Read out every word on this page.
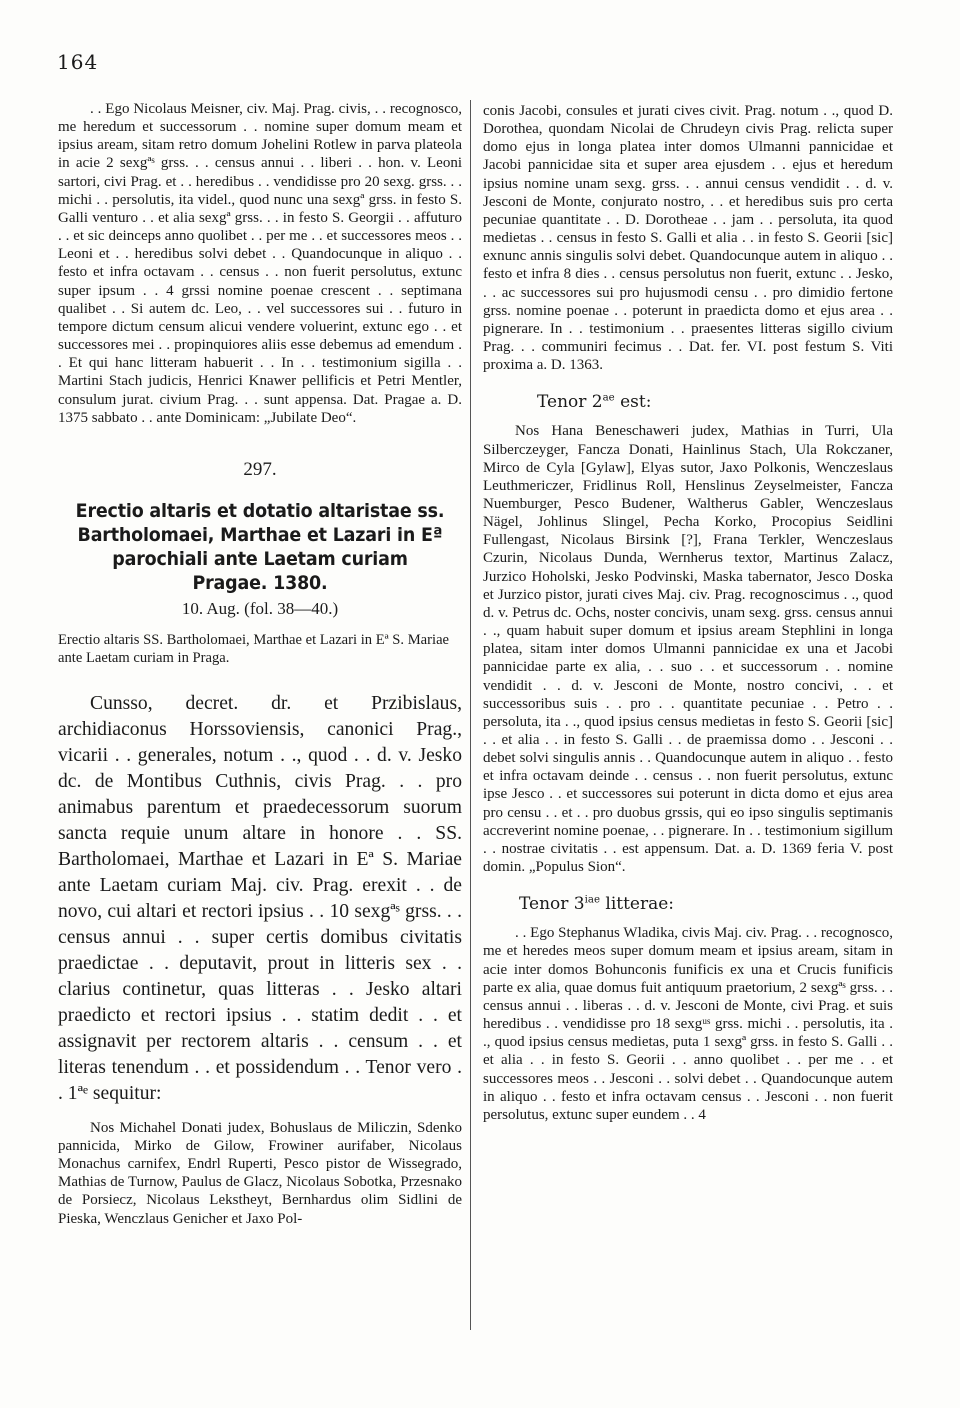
164

. . Ego Nicolaus Meisner, civ. Maj. Prag. civis, . . recognosco, me heredum et successorum . . nomine super domum meam et ipsius aream, sitam retro domum Johelini Rotlew in parva plateola in acie 2 sexgªˢ grss. . . census annui . . liberi . . hon. v. Leoni sartori, civi Prag. et . . heredibus . . vendidisse pro 20 sexg. grss. . . michi . . persolutis, ita videl., quod nunc una sexgª grss. in festo S. Galli venturo . . et alia sexgª grss. . . in festo S. Georgii . . affuturo . . et sic deinceps anno quolibet . . per me . . et successores meos . . Leoni et . . heredibus solvi debet . . Quandocunque in aliquo . . festo et infra octavam . . census . . non fuerit persolutus, extunc super ipsum . . 4 grssi nomine poenae crescent . . septimana qualibet . . Si autem dc. Leo, . . vel successores sui . . futuro in tempore dictum censum alicui vendere voluerint, extunc ego . . et successores mei . . propinquiores aliis esse debemus ad emendum . . Et qui hanc litteram habuerit . . In . . testimonium sigilla . . Martini Stach judicis, Henrici Knawer pellificis et Petri Mentler, consulum jurat. civium Prag. . . sunt appensa. Dat. Pragae a. D. 1375 sabbato . . ante Dominicam: „Jubilate Deo“.

297.

Erectio altaris et dotatio altaristae ss. Bartholomaei, Marthae et Lazari in Eª parochiali ante Laetam curiam Pragae. 1380.

10. Aug. (fol. 38—40.)

Erectio altaris SS. Bartholomaei, Marthae et Lazari in Eª S. Mariae ante Laetam curiam in Praga.

Cunsso, decret. dr. et Przibislaus, archidiaconus Horssoviensis, canonici Prag., vicarii . . generales, notum . ., quod . . d. v. Jesko dc. de Montibus Cuthnis, civis Prag. . . pro animabus parentum et praedecessorum suorum sancta requie unum altare in honore . . SS. Bartholomaei, Marthae et Lazari in Eª S. Mariae ante Laetam curiam Maj. civ. Prag. erexit . . de novo, cui altari et rectori ipsius . . 10 sexgªˢ grss. . . census annui . . super certis domibus civitatis praedictae . . deputavit, prout in litteris sex . . clarius continetur, quas litteras . . Jesko altari praedicto et rectori ipsius . . statim dedit . . et assignavit per rectorem altaris . . censum . . et literas tenendum . . et possidendum . . Tenor vero . . 1ªᵉ sequitur:

Nos Michahel Donati judex, Bohuslaus de Miliczin, Sdenko pannicida, Mirko de Gilow, Frowiner aurifaber, Nicolaus Monachus carnifex, Endrl Ruperti, Pesco pistor de Wissegrado, Mathias de Turnow, Paulus de Glacz, Nicolaus Sobotka, Przesnako de Porsiecz, Nicolaus Leksthеyt, Bernhardus olim Sidlini de Pieska, Wenczlaus Genicher et Jaxo Pol-

conis Jacobi, consules et jurati cives civit. Prag. notum . ., quod D. Dorothea, quondam Nicolai de Chrudeyn civis Prag. relicta super domo ejus in longa platea inter domos Ulmanni pannicidae et Jacobi pannicidae sita et super area ejusdem . . ejus et heredum ipsius nomine unam sexg. grss. . . annui census vendidit . . d. v. Jesconi de Monte, conjurato nostro, . . et heredibus suis pro certa pecuniae quantitate . . D. Dorotheae . . jam . . persoluta, ita quod medietas . . census in festo S. Galli et alia . . in festo S. Georii [sic] exnunc annis singulis solvi debet. Quandocunque autem in aliquo . . festo et infra 8 dies . . census persolutus non fuerit, extunc . . Jesko, . . ac successores sui pro hujusmodi censu . . pro dimidio fertone grss. nomine poenae . . poterunt in praedicta domo et ejus area . . pignerare. In . . testimonium . . praesentes litteras sigillo civium Prag. . . communiri fecimus . . Dat. fer. VI. post festum S. Viti proxima a. D. 1363.

Tenor $2^{ae}$ est:

Nos Hana Beneschaweri judex, Mathias in Turri, Ula Silberczeyger, Fancza Donati, Hainlinus Stach, Ula Rokczaner, Mirco de Cyla [Gylaw], Elyas sutor, Jaxo Polkonis, Wenczeslaus Leuthmericzer, Fridlinus Roll, Henslinus Zeyselmeister, Fancza Nuemburger, Pesco Budener, Waltherus Gabler, Wenczeslaus Nägel, Johlinus Slingel, Pecha Korko, Procopius Seidlini Fullengast, Nicolaus Birsink [?], Frana Terkler, Wenczeslaus Czurin, Nicolaus Dunda, Wernherus textor, Martinus Zalacz, Jurzico Hoholski, Jesko Podvinski, Maska tabernator, Jesco Doska et Jurzico pistor, jurati cives Maj. civ. Prag. recognoscimus . ., quod d. v. Petrus dc. Ochs, noster concivis, unam sexg. grss. census annui . ., quam habuit super domum et ipsius aream Stephlini in longa platea, sitam inter domos Ulmanni pannicidae ex una et Jacobi pannicidae parte ex alia, . . suo . . et successorum . . nomine vendidit . . d. v. Jesconi de Monte, nostro concivi, . . et successoribus suis . . pro . . quantitate pecuniae . . Petro . . persoluta, ita . ., quod ipsius census medietas in festo S. Georii [sic] . . et alia . . in festo S. Galli . . de praemissa domo . . Jesconi . . debet solvi singulis annis . . Quandocunque autem in aliquo . . festo et infra octavam deinde . . census . . non fuerit persolutus, extunc ipse Jesco . . et successores sui poterunt in dicta domo et ejus area pro censu . . et . . pro duobus grssis, qui eo ipso singulis septimanis accreverint nomine poenae, . . pignerare. In . . testimonium sigillum . . nostrae civitatis . . est appensum. Dat. a. D. 1369 feria V. post domin. „Populus Sion“.

Tenor $3^{iae}$ litterae:

. . Ego Stephanus Wladika, civis Maj. civ. Prag. . . recognosco, me et heredes meos super domum meam et ipsius aream, sitam in acie inter domos Bohunconis funificis ex una et Crucis funificis parte ex alia, quae domus fuit antiquum praetorium, 2 sexgªˢ grss. . . census annui . . liberas . . d. v. Jesconi de Monte, civi Prag. et suis heredibus . . vendidisse pro 18 sexgᵘˢ grss. michi . . persolutis, ita . ., quod ipsius census medietas, puta 1 sexgª grss. in festo S. Galli . . et alia . . in festo S. Georii . . anno quolibet . . per me . . et successores meos . . Jesconi . . solvi debet . . Quandocunque autem in aliquo . . festo et infra octavam census . . Jesconi . . non fuerit persolutus, extunc super eundem . . 4
